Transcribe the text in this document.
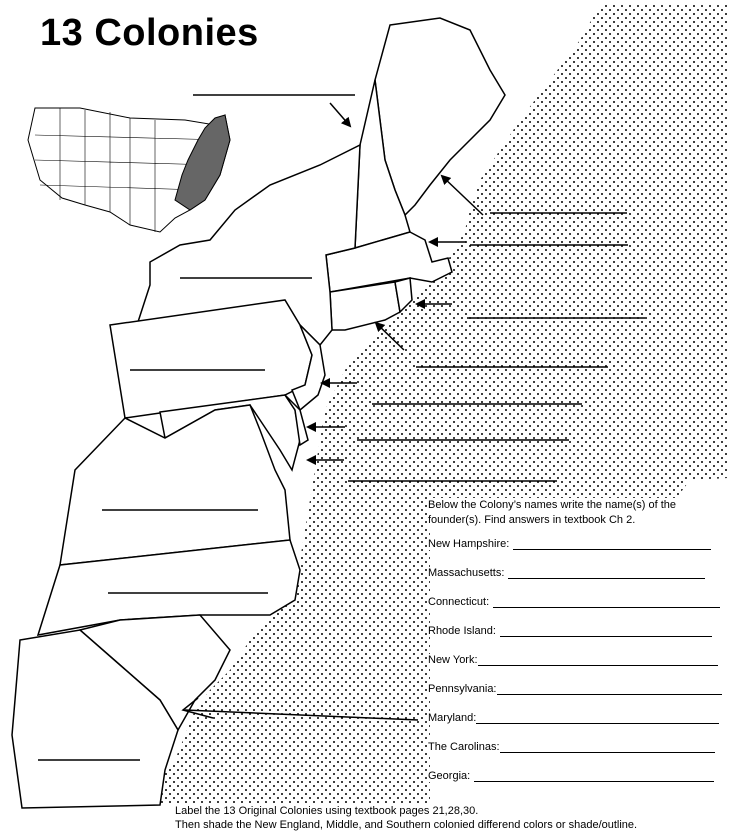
13 Colonies
Below the Colony’s names write the name(s) of the founder(s). Find answers in textbook Ch 2.
New Hampshire:
Massachusetts:
Connecticut:
Rhode Island:
New York:
Pennsylvania:
Maryland:
The Carolinas:
Georgia:
Label the 13 Original Colonies using textbook pages 21,28,30.
Then shade the New England, Middle, and Southern colonied differend colors or shade/outline.
